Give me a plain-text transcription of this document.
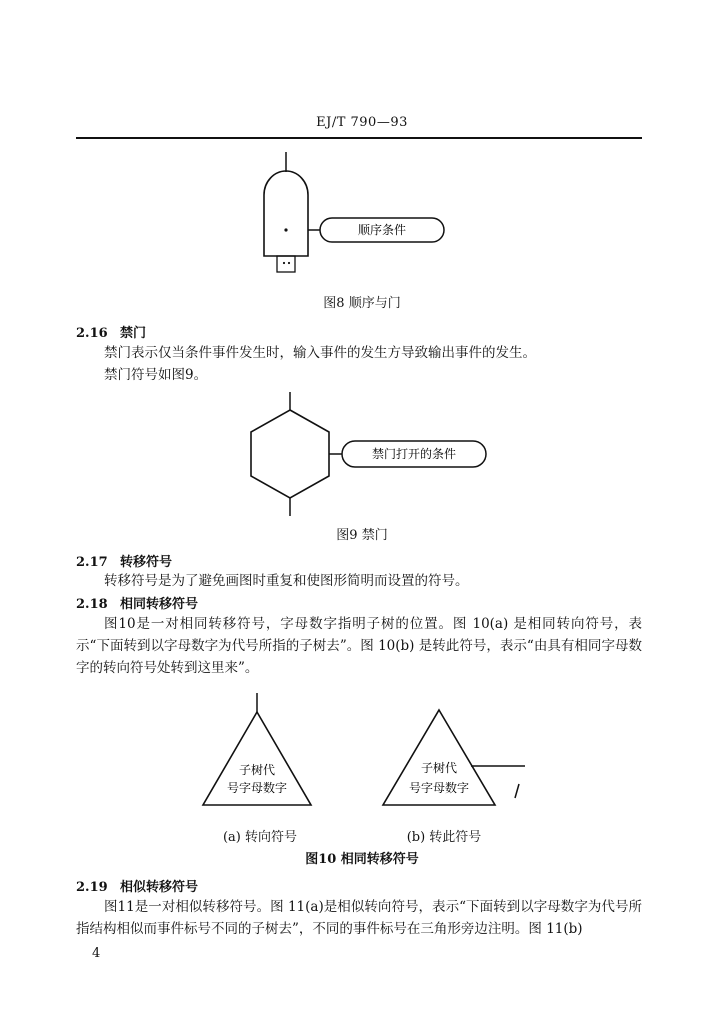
EJ/T 790—93
顺序条件
图8 顺序与门
2.16 禁门
禁门表示仅当条件事件发生时，输入事件的发生方导致输出事件的发生。
禁门符号如图9。
禁门打开的条件
图9 禁门
2.17 转移符号
转移符号是为了避免画图时重复和使图形简明而设置的符号。
2.18 相同转移符号
图10是一对相同转移符号，字母数字指明子树的位置。图 10(a) 是相同转向符号，表示“下面转到以字母数字为代号所指的子树去”。图 10(b) 是转此符号，表示“由具有相同字母数字的转向符号处转到这里来”。
子树代
号字母数字
子树代
号字母数字
(a) 转向符号	(b) 转此符号
图10 相同转移符号
2.19 相似转移符号
图11是一对相似转移符号。图 11(a)是相似转向符号，表示“下面转到以字母数字为代号所指结构相似而事件标号不同的子树去”，不同的事件标号在三角形旁边注明。图 11(b)
4
